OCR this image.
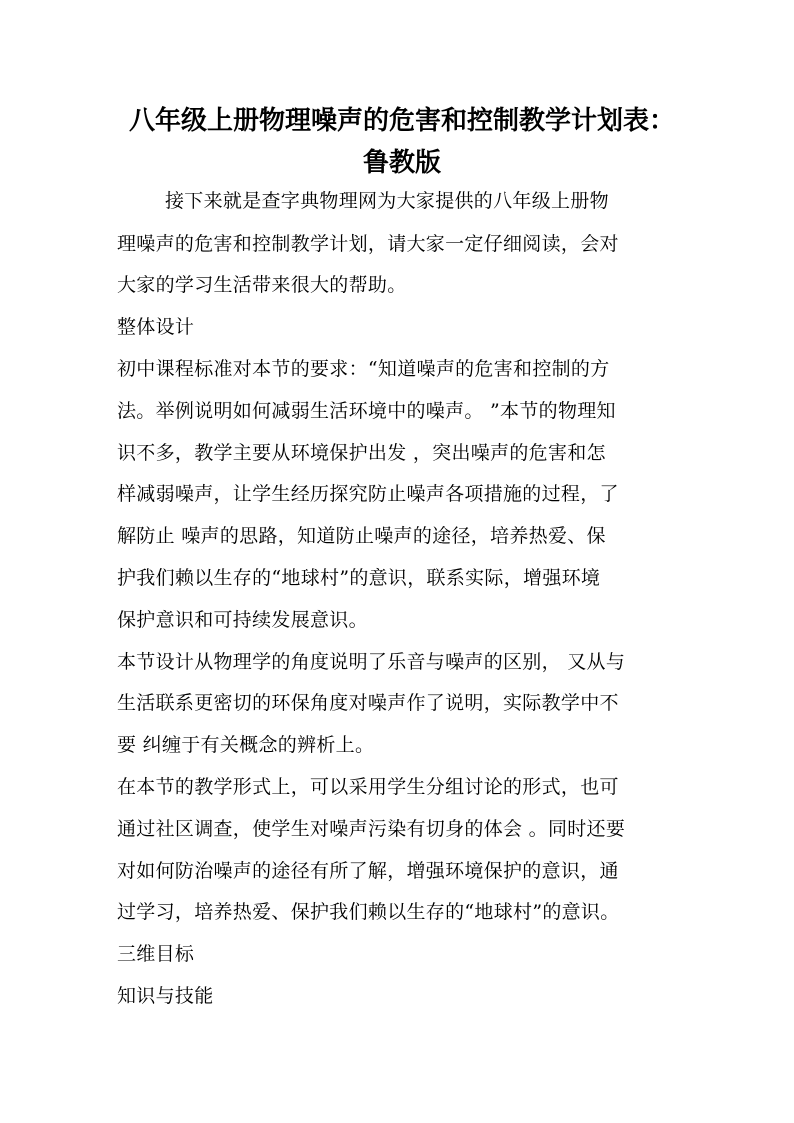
八年级上册物理噪声的危害和控制教学计划表：
鲁教版

接下来就是查字典物理网为大家提供的八年级上册物

理噪声的危害和控制教学计划，请大家一定仔细阅读，会对

大家的学习生活带来很大的帮助。

整体设计

初中课程标准对本节的要求：“知道噪声的危害和控制的方

法。举例说明如何减弱生活环境中的噪声。 ”本节的物理知

识不多，教学主要从环境保护出发 ，突出噪声的危害和怎

样减弱噪声，让学生经历探究防止噪声各项措施的过程，了

解防止 噪声的思路，知道防止噪声的途径，培养热爱、保

护我们赖以生存的“地球村”的意识，联系实际，增强环境

保护意识和可持续发展意识。

本节设计从物理学的角度说明了乐音与噪声的区别， 又从与

生活联系更密切的环保角度对噪声作了说明，实际教学中不

要 纠缠于有关概念的辨析上。

在本节的教学形式上，可以采用学生分组讨论的形式，也可

通过社区调查，使学生对噪声污染有切身的体会 。同时还要

对如何防治噪声的途径有所了解，增强环境保护的意识，通

过学习，培养热爱、保护我们赖以生存的“地球村”的意识。

三维目标

知识与技能
